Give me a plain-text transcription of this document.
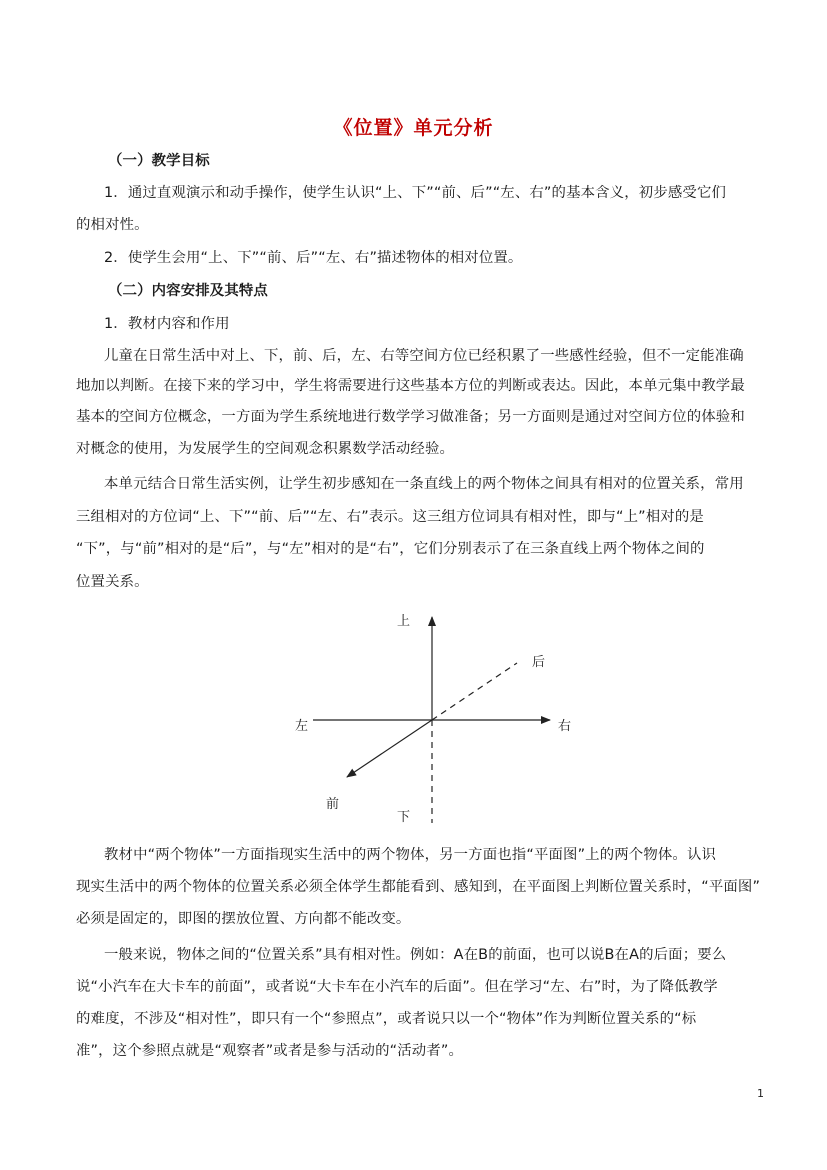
《位置》单元分析
（一）教学目标
1．通过直观演示和动手操作，使学生认识“上、下”“前、后”“左、右”的基本含义，初步感受它们
的相对性。
2．使学生会用“上、下”“前、后”“左、右”描述物体的相对位置。
（二）内容安排及其特点
1．教材内容和作用
儿童在日常生活中对上、下，前、后，左、右等空间方位已经积累了一些感性经验，但不一定能准确
地加以判断。在接下来的学习中，学生将需要进行这些基本方位的判断或表达。因此，本单元集中教学最
基本的空间方位概念，一方面为学生系统地进行数学学习做准备；另一方面则是通过对空间方位的体验和
对概念的使用，为发展学生的空间观念积累数学活动经验。
本单元结合日常生活实例，让学生初步感知在一条直线上的两个物体之间具有相对的位置关系，常用
三组相对的方位词“上、下”“前、后”“左、右”表示。这三组方位词具有相对性，即与“上”相对的是
“下”，与“前”相对的是“后”，与“左”相对的是“右”，它们分别表示了在三条直线上两个物体之间的
位置关系。
上
下
左	右
前
后
教材中“两个物体”一方面指现实生活中的两个物体，另一方面也指“平面图”上的两个物体。认识
现实生活中的两个物体的位置关系必须全体学生都能看到、感知到，在平面图上判断位置关系时，“平面图”
必须是固定的，即图的摆放位置、方向都不能改变。
一般来说，物体之间的“位置关系”具有相对性。例如：A在B的前面，也可以说B在A的后面；要么
说“小汽车在大卡车的前面”，或者说“大卡车在小汽车的后面”。但在学习“左、右”时，为了降低教学
的难度，不涉及“相对性”，即只有一个“参照点”，或者说只以一个“物体”作为判断位置关系的“标
准”，这个参照点就是“观察者”或者是参与活动的“活动者”。
1
